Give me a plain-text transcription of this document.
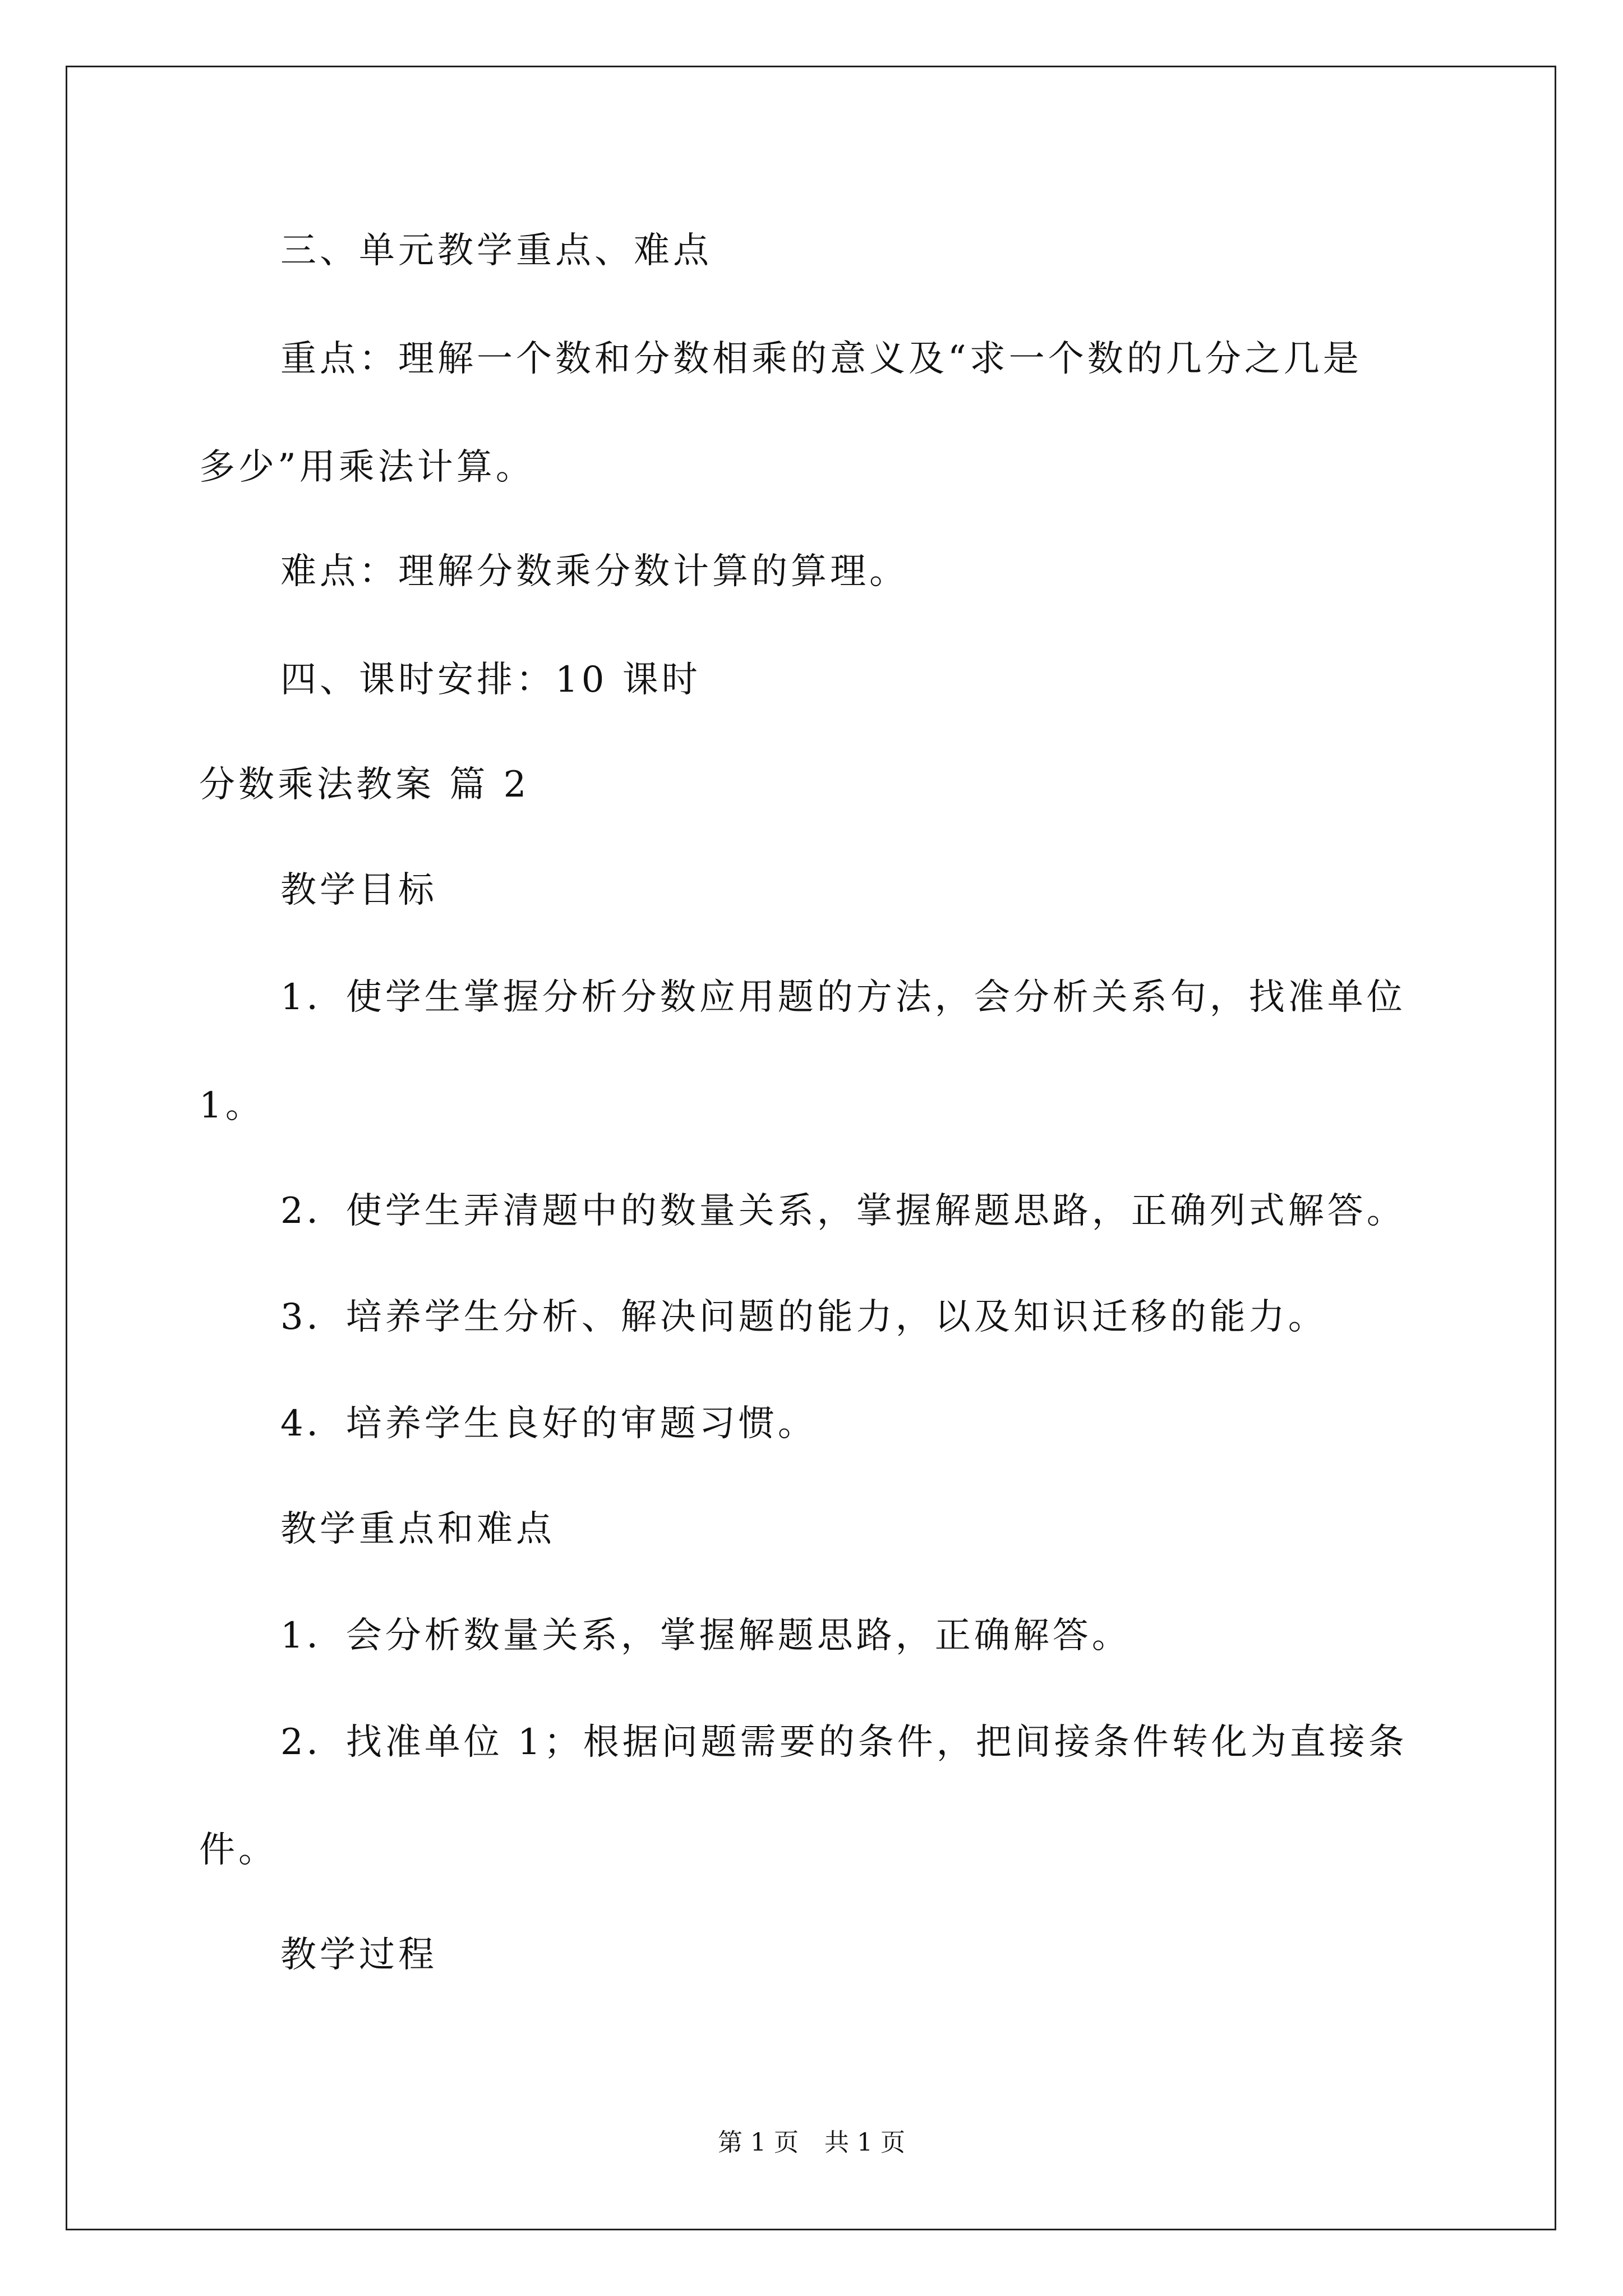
三、单元教学重点、难点
重点：理解一个数和分数相乘的意义及“求一个数的几分之几是
多少”用乘法计算。
难点：理解分数乘分数计算的算理。
四、课时安排：10 课时
分数乘法教案 篇 2
教学目标
1．使学生掌握分析分数应用题的方法，会分析关系句，找准单位
1。
2．使学生弄清题中的数量关系，掌握解题思路，正确列式解答。
3．培养学生分析、解决问题的能力，以及知识迁移的能力。
4．培养学生良好的审题习惯。
教学重点和难点
1．会分析数量关系，掌握解题思路，正确解答。
2．找准单位 1；根据问题需要的条件，把间接条件转化为直接条
件。
教学过程
第 1 页 共 1 页
